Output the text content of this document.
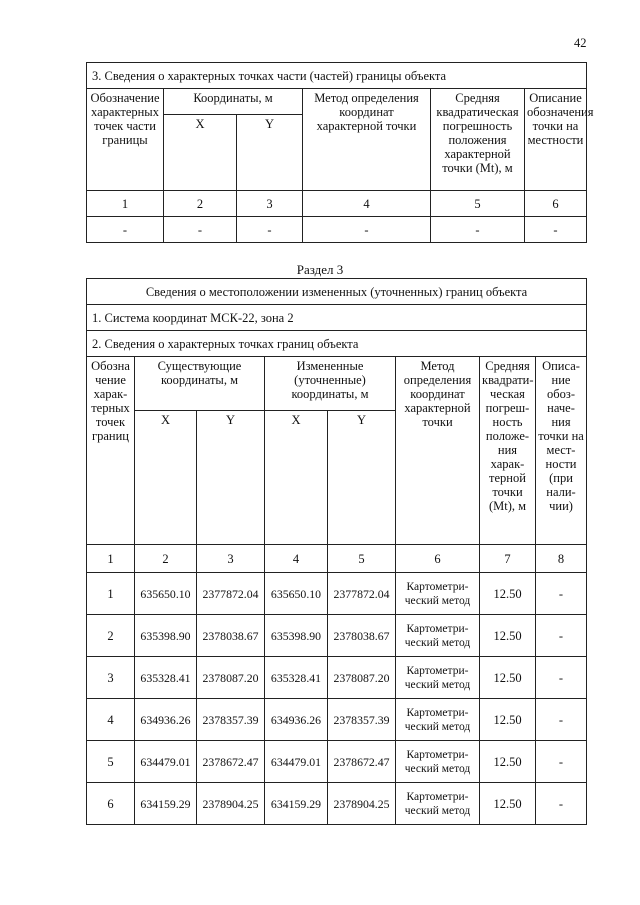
42
3. Сведения о характерных точках части (частей) границы объекта					
Обозначение характерных точек части границы	Координаты, м		Метод определения координат характерной точки	Средняя квадратическая погрешность положения характерной точки (Mt), м	Описание обозначения точки на местности
	X	Y			
1	2	3	4	5	6
-	-	-	-	-	-
Раздел 3
Сведения о местоположении измененных (уточненных) границ объекта							
1. Система координат МСК-22, зона 2							
2. Сведения о характерных точках границ объекта							
Обозна чение харак-терных точек границ	Существующие координаты, м		Измененные (уточненные) координаты, м		Метод определения координат характерной точки	Средняя квадрати-ческая погреш-ность положе-ния харак-терной точки (Mt), м	Описа-ние обоз-наче-ния точки на мест-ности (при нали-чии)
	X	Y	X	Y			
1	2	3	4	5	6	7	8
1	635650.10	2377872.04	635650.10	2377872.04	Картометри-ческий метод	12.50	-
2	635398.90	2378038.67	635398.90	2378038.67	Картометри-ческий метод	12.50	-
3	635328.41	2378087.20	635328.41	2378087.20	Картометри-ческий метод	12.50	-
4	634936.26	2378357.39	634936.26	2378357.39	Картометри-ческий метод	12.50	-
5	634479.01	2378672.47	634479.01	2378672.47	Картометри-ческий метод	12.50	-
6	634159.29	2378904.25	634159.29	2378904.25	Картометри-ческий метод	12.50	-
